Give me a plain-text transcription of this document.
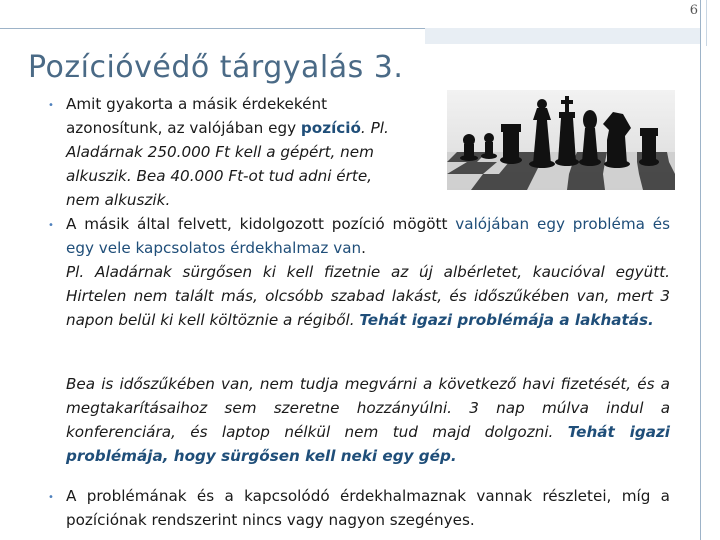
6
Pozícióvédő tárgyalás 3.
• Amit gyakorta a másik érdekeként
azonosítunk, az valójában egy pozíció. Pl.
Aladárnak 250.000 Ft kell a gépért, nem
alkuszik. Bea 40.000 Ft-ot tud adni érte,
nem alkuszik.
• A másik által felvett, kidolgozott pozíció mögött valójában egy probléma és egy vele kapcsolatos érdekhalmaz van.
Pl. Aladárnak sürgősen ki kell fizetnie az új albérletet, kaucióval együtt. Hirtelen nem talált más, olcsóbb szabad lakást, és időszűkében van, mert 3 napon belül ki kell költöznie a régiből. Tehát igazi problémája a lakhatás.
Bea is időszűkében van, nem tudja megvárni a következő havi fizetését, és a megtakarításaihoz sem szeretne hozzányúlni. 3 nap múlva indul a konferenciára, és laptop nélkül nem tud majd dolgozni. Tehát igazi problémája, hogy sürgősen kell neki egy gép.
• A problémának és a kapcsolódó érdekhalmaznak vannak részletei, míg a pozíciónak rendszerint nincs vagy nagyon szegényes.
